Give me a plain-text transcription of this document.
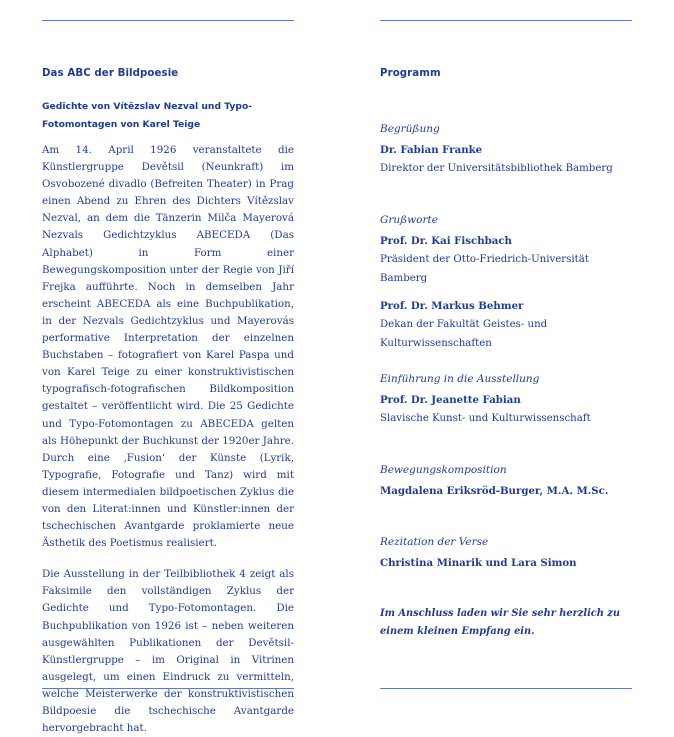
Das ABC der Bildpoesie
Gedichte von Vítězslav Nezval und Typo-Fotomontagen von Karel Teige

Am 14. April 1926 veranstaltete die Künstlergruppe Devětsil (Neunkraft) im Osvobozené divadlo (Befreiten Theater) in Prag einen Abend zu Ehren des Dichters Vítězslav Nezval, an dem die Tänzerin Milča Mayerová Nezvals Gedichtzyklus ABECEDA (Das Alphabet) in Form einer Bewegungskomposition unter der Regie von Jiří Frejka aufführte. Noch in demselben Jahr erscheint ABECEDA als eine Buchpublikation, in der Nezvals Gedichtzyklus und Mayerovás performative Interpretation der einzelnen Buchstaben – fotografiert von Karel Paspa und von Karel Teige zu einer konstruktivistischen typografisch-fotografischen Bildkomposition gestaltet – veröffentlicht wird. Die 25 Gedichte und Typo-Fotomontagen zu ABECEDA gelten als Höhepunkt der Buchkunst der 1920er Jahre. Durch eine ‚Fusion‘ der Künste (Lyrik, Typografie, Fotografie und Tanz) wird mit diesem intermedialen bildpoetischen Zyklus die von den Literat:innen und Künstler:innen der tschechischen Avantgarde proklamierte neue Ästhetik des Poetismus realisiert.

Die Ausstellung in der Teilbibliothek 4 zeigt als Faksimile den vollständigen Zyklus der Gedichte und Typo-Fotomontagen. Die Buchpublikation von 1926 ist – neben weiteren ausgewählten Publikationen der Devětsil-Künstlergruppe – im Original in Vitrinen ausgelegt, um einen Eindruck zu vermitteln, welche Meisterwerke der konstruktivistischen Bildpoesie die tschechische Avantgarde hervorgebracht hat.

Programm

Begrüßung

Dr. Fabian Franke

Direktor der Universitätsbibliothek Bamberg

Grußworte

Prof. Dr. Kai Fischbach

Präsident der Otto-Friedrich-Universität Bamberg

Prof. Dr. Markus Behmer

Dekan der Fakultät Geistes- und Kulturwissenschaften

Einführung in die Ausstellung

Prof. Dr. Jeanette Fabian

Slavische Kunst- und Kulturwissenschaft

Bewegungskomposition

Magdalena Eriksröd-Burger, M.A. M.Sc.

Rezitation der Verse

Christina Minarik und Lara Simon

Im Anschluss laden wir Sie sehr herzlich zu einem kleinen Empfang ein.
